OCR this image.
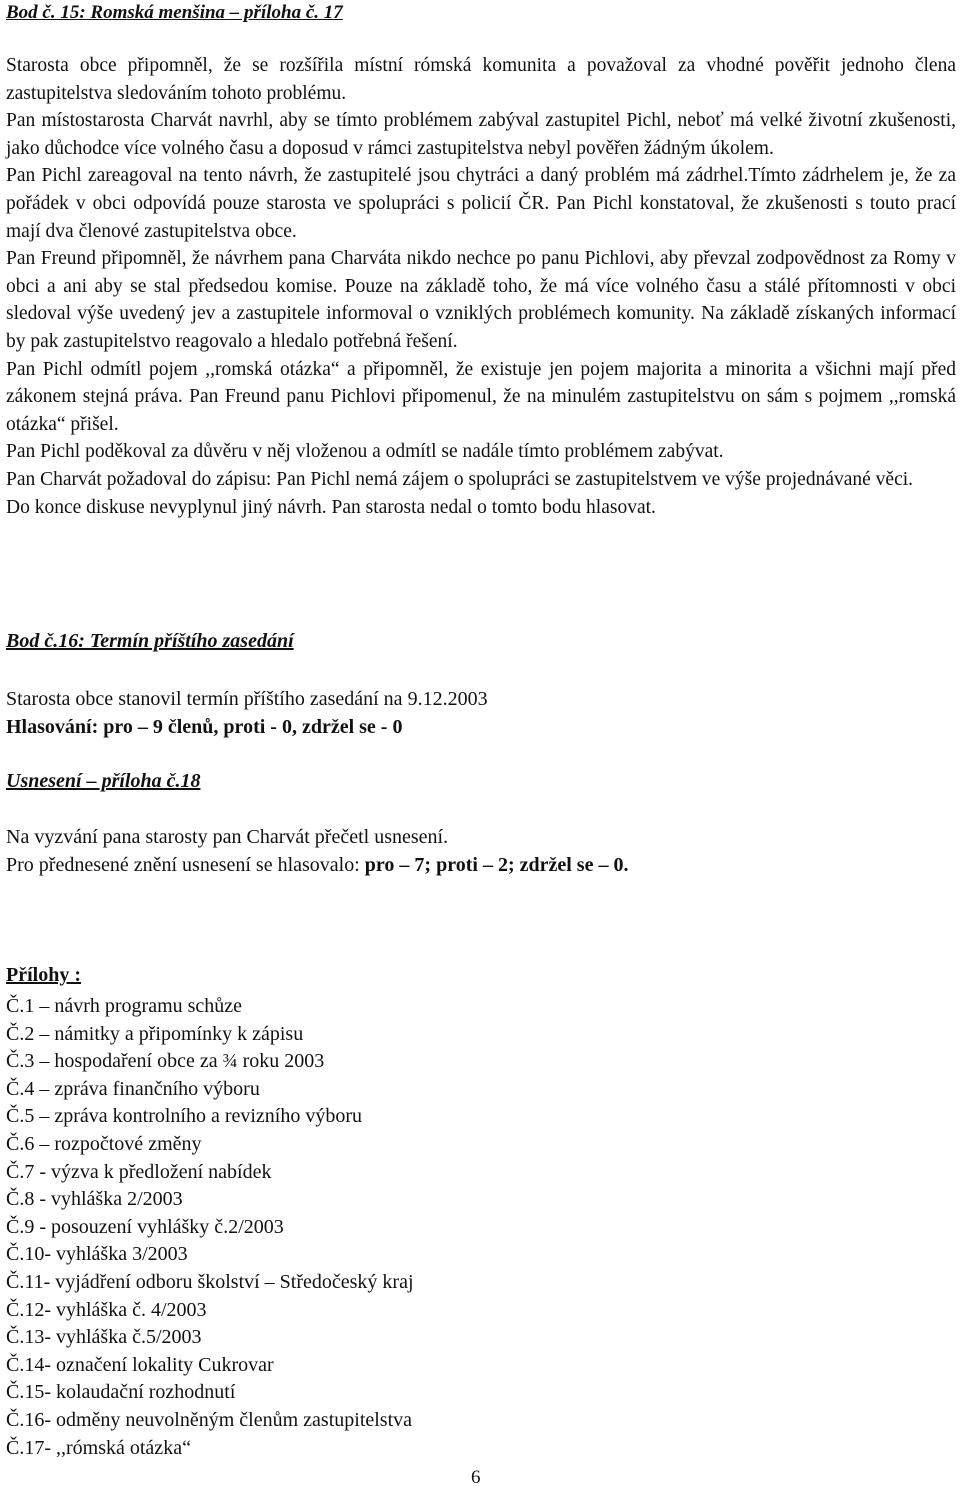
Bod č. 15: Romská menšina – příloha č. 17

Starosta obce připomněl, že se rozšířila místní rómská komunita a považoval za vhodné pověřit jednoho člena zastupitelstva sledováním tohoto problému.

Pan místostarosta Charvát navrhl, aby se tímto problémem zabýval zastupitel Pichl, neboť má velké životní zkušenosti, jako důchodce více volného času a doposud v rámci zastupitelstva nebyl pověřen žádným úkolem.

Pan Pichl zareagoval na tento návrh, že zastupitelé jsou chytráci a daný problém má zádrhel.Tímto zádrhelem je, že za pořádek v obci odpovídá pouze starosta ve spolupráci s policií ČR. Pan Pichl konstatoval, že zkušenosti s touto prací mají dva členové zastupitelstva obce.

Pan Freund připomněl, že návrhem pana Charváta nikdo nechce po panu Pichlovi, aby převzal zodpovědnost za Romy v obci a ani aby se stal předsedou komise. Pouze na základě toho, že má více volného času a stálé přítomnosti v obci sledoval výše uvedený jev a zastupitele informoval o vzniklých problémech komunity. Na základě získaných informací by pak zastupitelstvo reagovalo a hledalo potřebná řešení.

Pan Pichl odmítl pojem ,,romská otázka“ a připomněl, že existuje jen pojem majorita a minorita a všichni mají před zákonem stejná práva. Pan Freund panu Pichlovi připomenul, že na minulém zastupitelstvu on sám s pojmem ,,romská otázka“ přišel.

Pan Pichl poděkoval za důvěru v něj vloženou a odmítl se nadále tímto problémem zabývat.

Pan Charvát požadoval do zápisu: Pan Pichl nemá zájem o spolupráci se zastupitelstvem ve výše projednávané věci.

Do konce diskuse nevyplynul jiný návrh. Pan starosta nedal o tomto bodu hlasovat.

Bod č.16: Termín příštího zasedání
Starosta obce stanovil termín příštího zasedání na 9.12.2003
Hlasování: pro – 9 členů, proti - 0, zdržel se - 0
Usnesení – příloha č.18
Na vyzvání pana starosty pan Charvát přečetl usnesení.
Pro přednesené znění usnesení se hlasovalo: pro – 7; proti – 2; zdržel se – 0.
Přílohy :
Č.1 – návrh programu schůze
Č.2 – námitky a připomínky k zápisu
Č.3 – hospodaření obce za ¾ roku 2003
Č.4 – zpráva finančního výboru
Č.5 – zpráva kontrolního a revizního výboru
Č.6 – rozpočtové změny
Č.7 - výzva k předložení nabídek
Č.8 - vyhláška 2/2003
Č.9 - posouzení vyhlášky č.2/2003
Č.10- vyhláška 3/2003
Č.11- vyjádření odboru školství – Středočeský kraj
Č.12- vyhláška č. 4/2003
Č.13- vyhláška č.5/2003
Č.14- označení lokality Cukrovar
Č.15- kolaudační rozhodnutí
Č.16- odměny neuvolněným členům zastupitelstva
Č.17- ,,rómská otázka“
6
